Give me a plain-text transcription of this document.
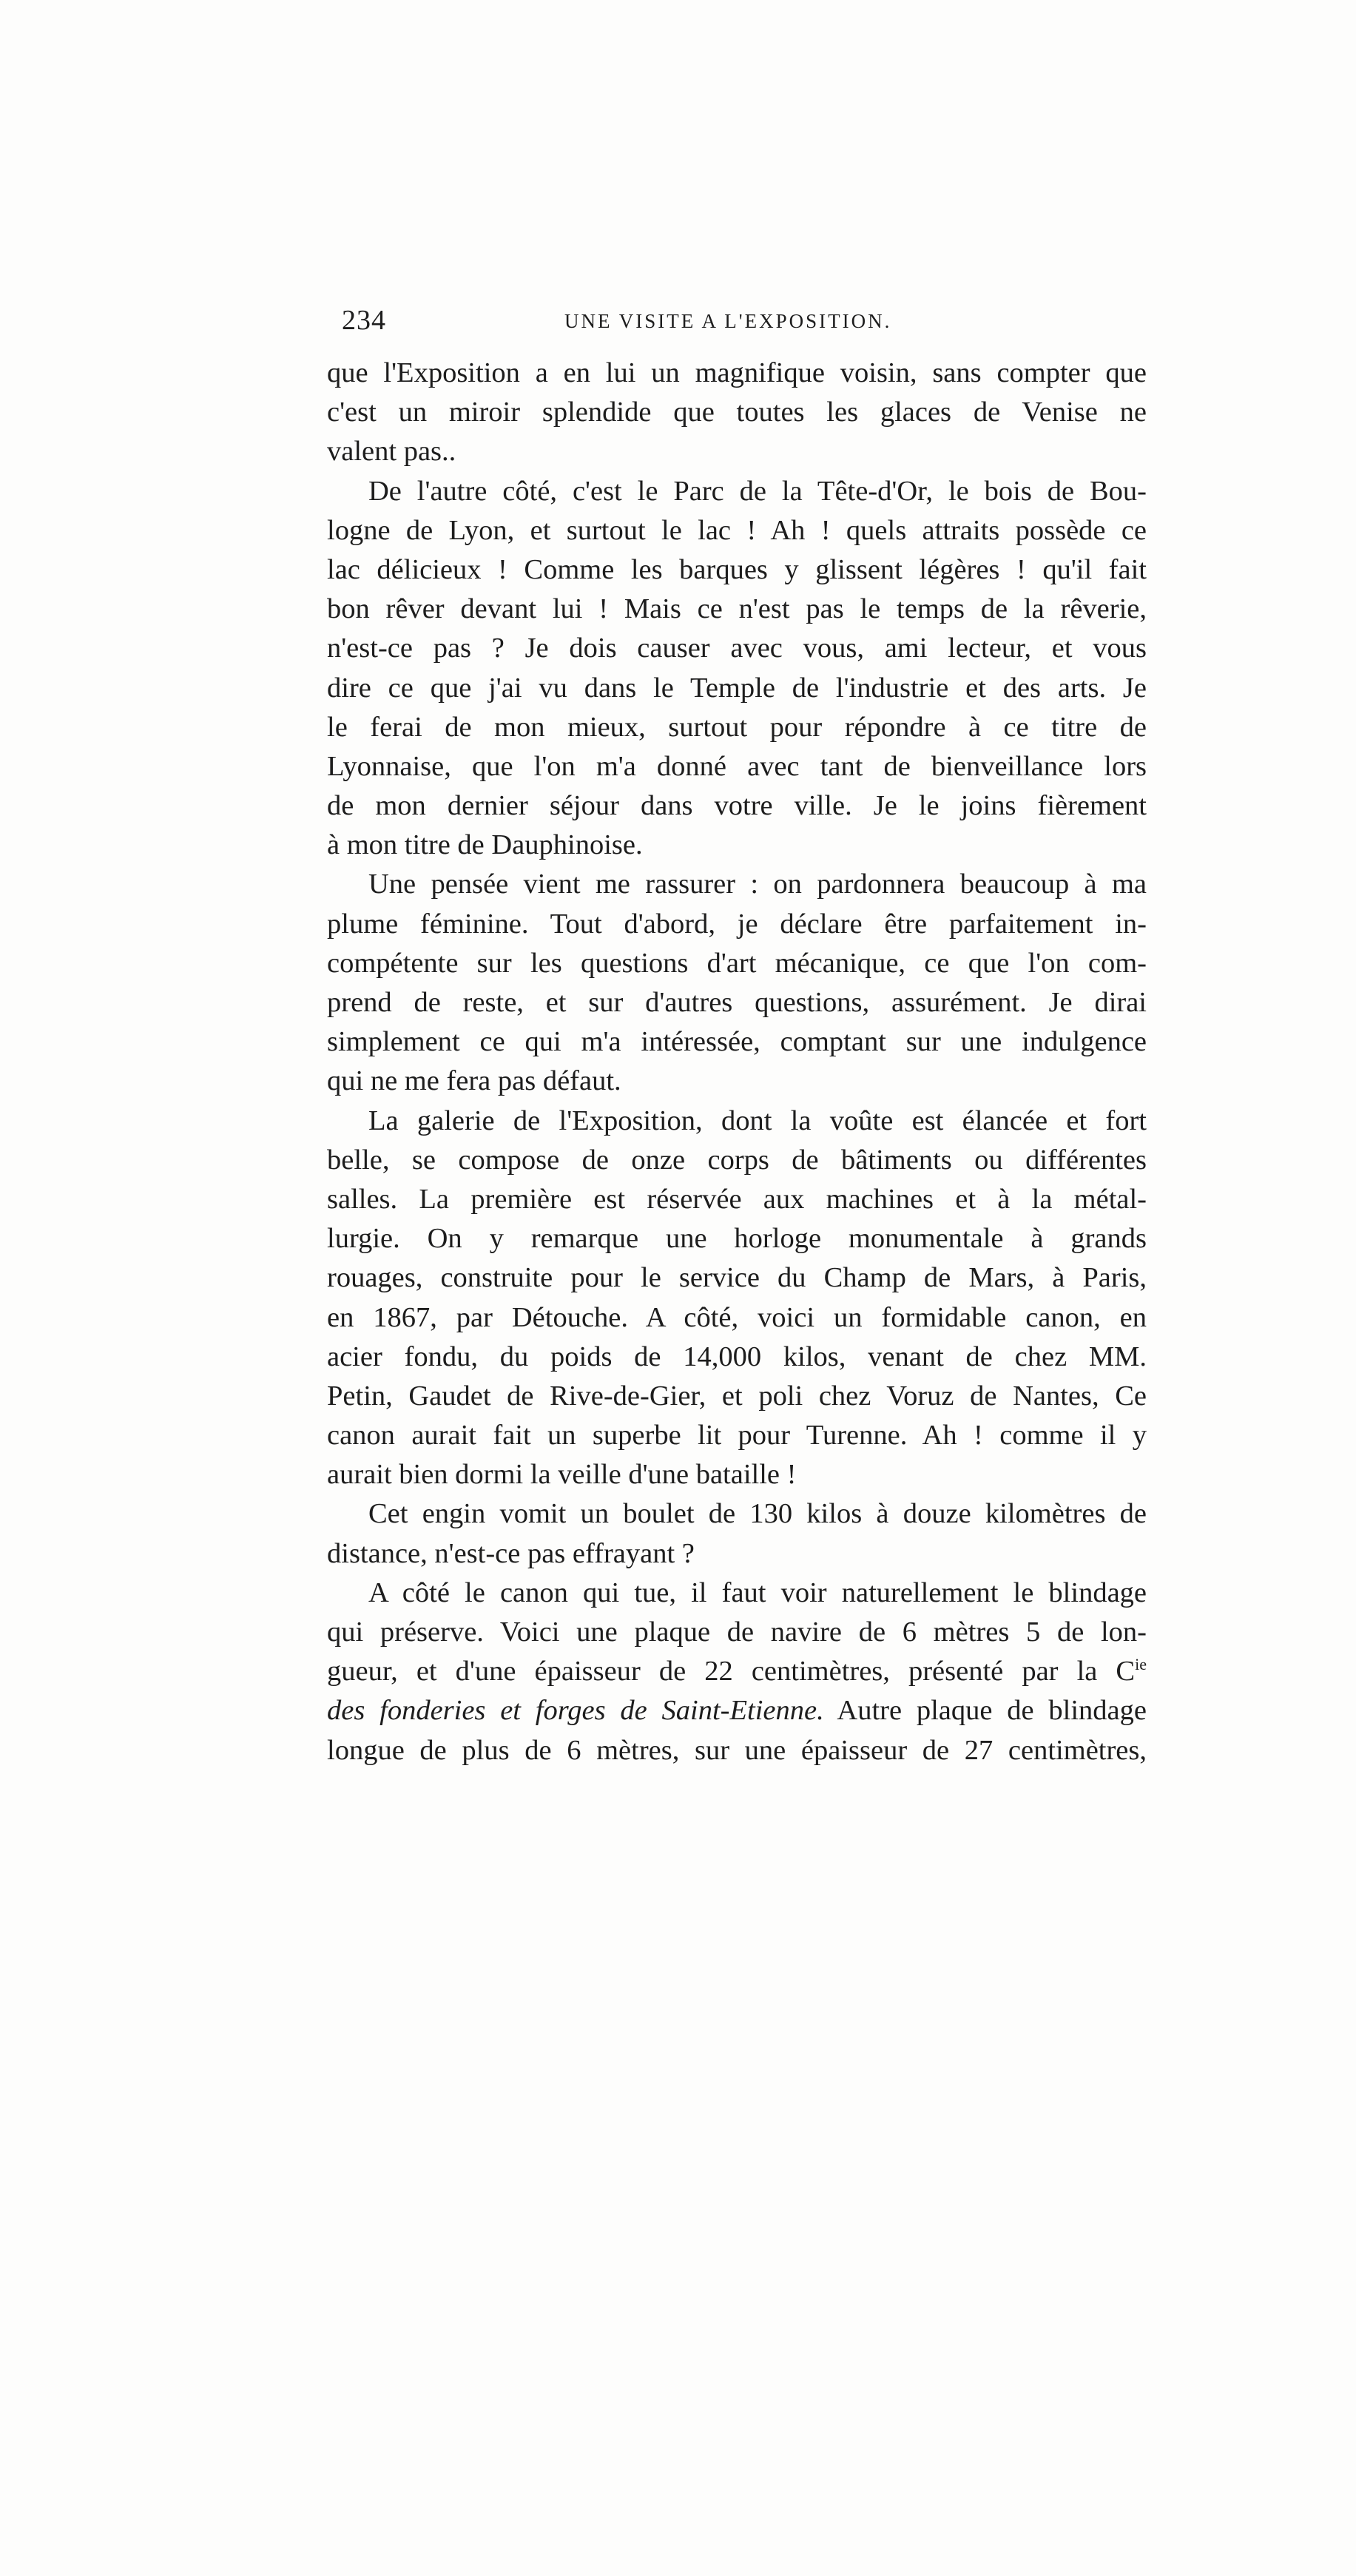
234	UNE VISITE A L'EXPOSITION.

que l'Exposition a en lui un magnifique voisin, sans compter que
c'est un miroir splendide que toutes les glaces de Venise ne
valent pas..

De l'autre côté, c'est le Parc de la Tête-d'Or, le bois de Bou-
logne de Lyon, et surtout le lac ! Ah ! quels attraits possède ce
lac délicieux ! Comme les barques y glissent légères ! qu'il fait
bon rêver devant lui ! Mais ce n'est pas le temps de la rêverie,
n'est-ce pas ? Je dois causer avec vous, ami lecteur, et vous
dire ce que j'ai vu dans le Temple de l'industrie et des arts. Je
le ferai de mon mieux, surtout pour répondre à ce titre de
Lyonnaise, que l'on m'a donné avec tant de bienveillance lors
de mon dernier séjour dans votre ville. Je le joins fièrement
à mon titre de Dauphinoise.

Une pensée vient me rassurer : on pardonnera beaucoup à ma
plume féminine. Tout d'abord, je déclare être parfaitement in-
compétente sur les questions d'art mécanique, ce que l'on com-
prend de reste, et sur d'autres questions, assurément. Je dirai
simplement ce qui m'a intéressée, comptant sur une indulgence
qui ne me fera pas défaut.

La galerie de l'Exposition, dont la voûte est élancée et fort
belle, se compose de onze corps de bâtiments ou différentes
salles. La première est réservée aux machines et à la métal-
lurgie. On y remarque une horloge monumentale à grands
rouages, construite pour le service du Champ de Mars, à Paris,
en 1867, par Détouche. A côté, voici un formidable canon, en
acier fondu, du poids de 14,000 kilos, venant de chez MM.
Petin, Gaudet de Rive-de-Gier, et poli chez Voruz de Nantes, Ce
canon aurait fait un superbe lit pour Turenne. Ah ! comme il y
aurait bien dormi la veille d'une bataille !

Cet engin vomit un boulet de 130 kilos à douze kilomètres de
distance, n'est-ce pas effrayant ?

A côté le canon qui tue, il faut voir naturellement le blindage
qui préserve. Voici une plaque de navire de 6 mètres 5 de lon-
gueur, et d'une épaisseur de 22 centimètres, présenté par la $C^{ie}$
des fonderies et forges de Saint-Etienne. Autre plaque de blindage
longue de plus de 6 mètres, sur une épaisseur de 27 centimètres,
